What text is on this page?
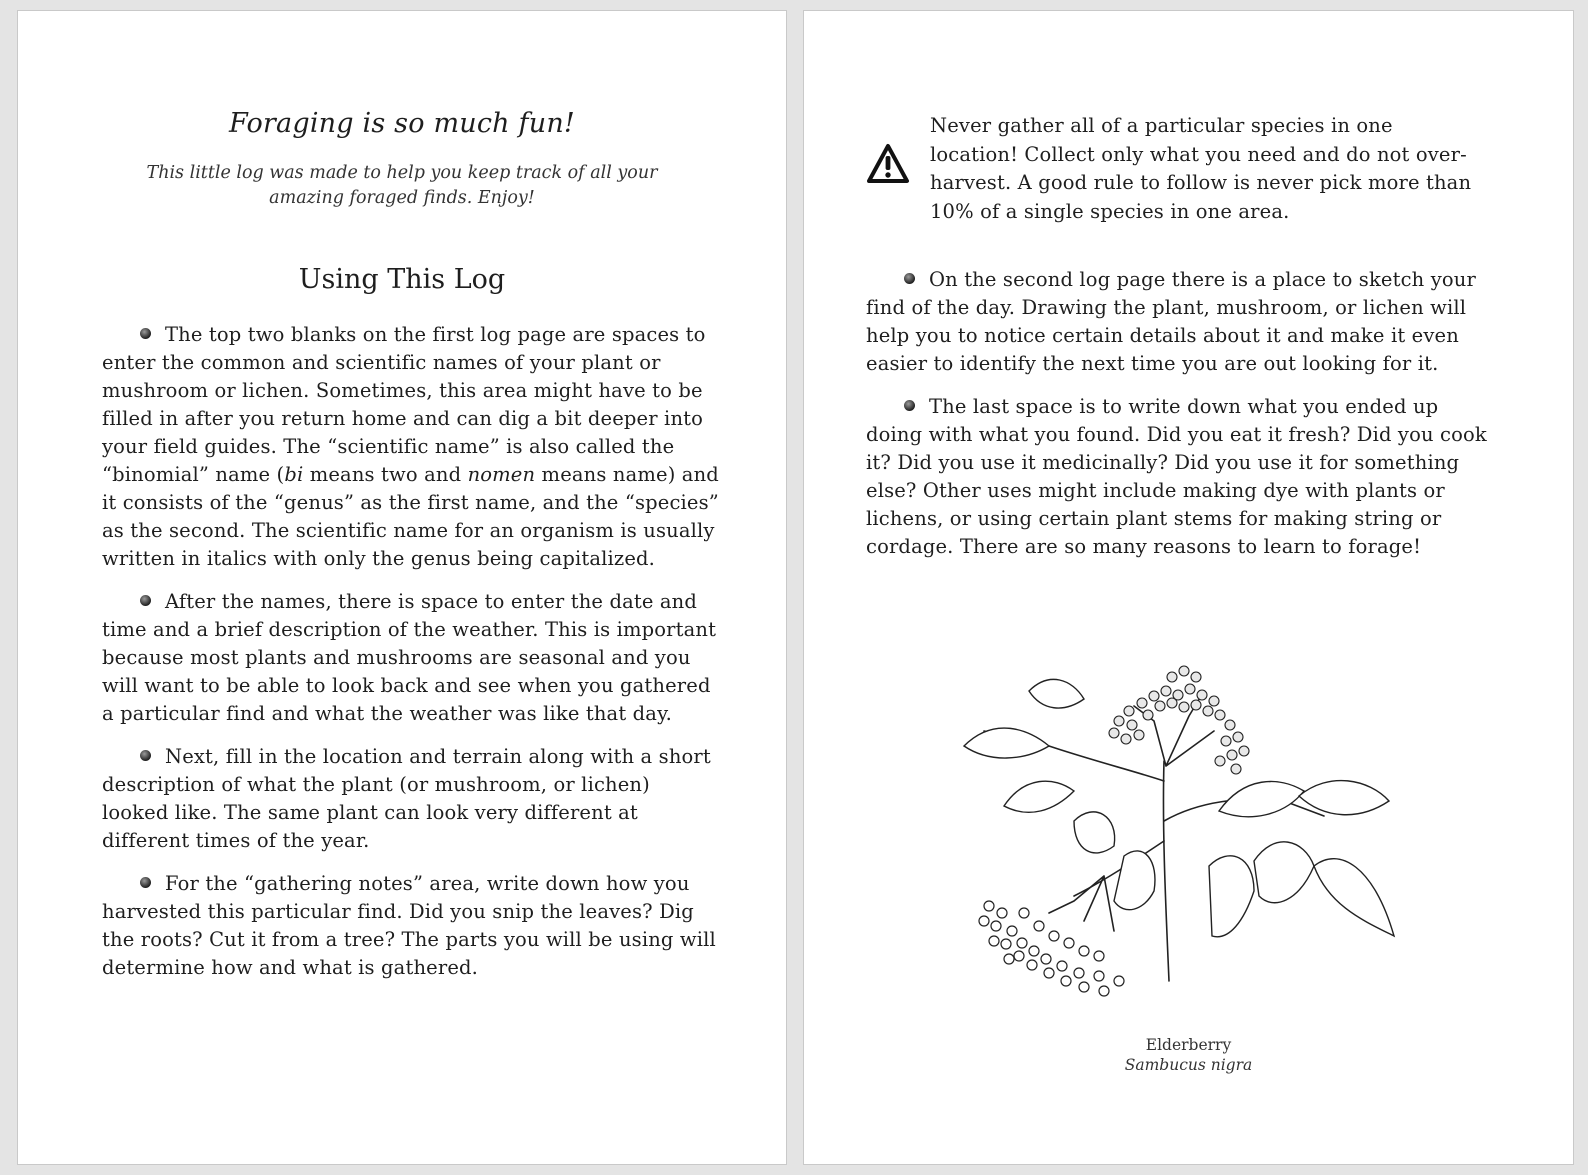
Foraging is so much fun!
This little log was made to help you keep track of all your amazing foraged finds. Enjoy!
Using This Log

The top two blanks on the first log page are spaces to enter the common and scientific names of your plant or mushroom or lichen. Sometimes, this area might have to be filled in after you return home and can dig a bit deeper into your field guides. The “scientific name” is also called the “binomial” name (bi means two and nomen means name) and it consists of the “genus” as the first name, and the “species” as the second. The scientific name for an organism is usually written in italics with only the genus being capitalized.

After the names, there is space to enter the date and time and a brief description of the weather. This is important because most plants and mushrooms are seasonal and you will want to be able to look back and see when you gathered a particular find and what the weather was like that day.

Next, fill in the location and terrain along with a short description of what the plant (or mushroom, or lichen) looked like. The same plant can look very different at different times of the year.

For the “gathering notes” area, write down how you harvested this particular find. Did you snip the leaves? Dig the roots? Cut it from a tree? The parts you will be using will determine how and what is gathered.

Never gather all of a particular species in one location! Collect only what you need and do not over-harvest. A good rule to follow is never pick more than 10% of a single species in one area.

On the second log page there is a place to sketch your find of the day. Drawing the plant, mushroom, or lichen will help you to notice certain details about it and make it even easier to identify the next time you are out looking for it.

The last space is to write down what you ended up doing with what you found. Did you eat it fresh? Did you cook it? Did you use it medicinally? Did you use it for something else? Other uses might include making dye with plants or lichens, or using certain plant stems for making string or cordage. There are so many reasons to learn to forage!

Elderberry
Sambucus nigra
